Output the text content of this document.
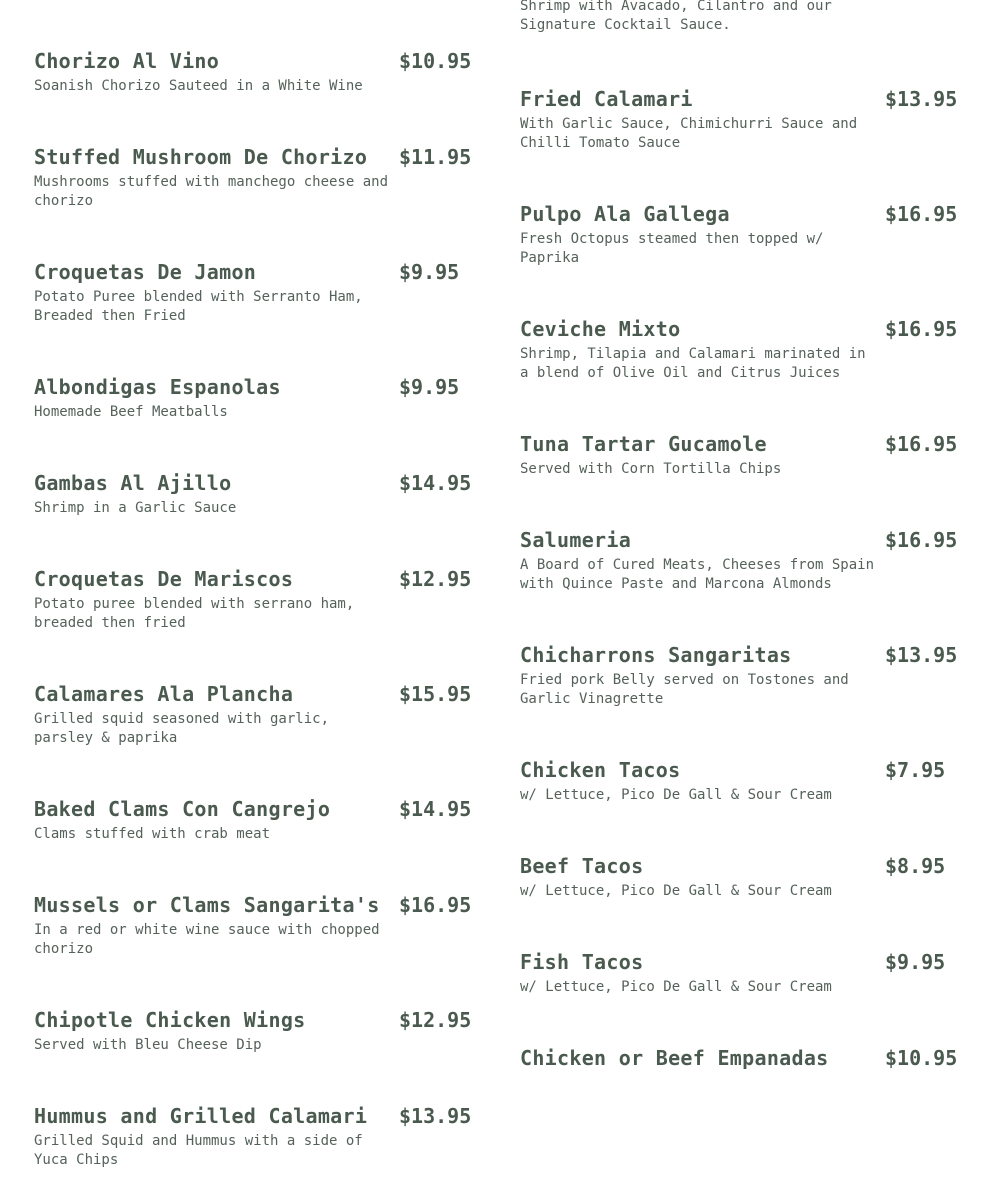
Chorizo Al Vino	$10.95
Soanish Chorizo Sauteed in a White Wine
Stuffed Mushroom De Chorizo $11.95
Mushrooms stuffed with manchego cheese and
chorizo
Croquetas De Jamon	$9.95
Potato Puree blended with Serranto Ham,
Breaded then Fried
Albondigas Espanolas	$9.95
Homemade Beef Meatballs
Gambas Al Ajillo	$14.95
Shrimp in a Garlic Sauce
Croquetas De Mariscos	$12.95
Potato puree blended with serrano ham,
breaded then fried
Calamares Ala Plancha	$15.95
Grilled squid seasoned with garlic,
parsley & paprika
Baked Clams Con Cangrejo	$14.95
Clams stuffed with crab meat
Mussels or Clams Sangarita's $16.95
In a red or white wine sauce with chopped
chorizo
Chipotle Chicken Wings	$12.95
Served with Bleu Cheese Dip
Hummus and Grilled Calamari $13.95
Grilled Squid and Hummus with a side of
Yuca Chips
Shrimp with Avacado, Cilantro and our
Signature Cocktail Sauce.
Fried Calamari	$13.95
With Garlic Sauce, Chimichurri Sauce and
Chilli Tomato Sauce
Pulpo Ala Gallega	$16.95
Fresh Octopus steamed then topped w/
Paprika
Ceviche Mixto	$16.95
Shrimp, Tilapia and Calamari marinated in
a blend of Olive Oil and Citrus Juices
Tuna Tartar Gucamole	$16.95
Served with Corn Tortilla Chips
Salumeria	$16.95
A Board of Cured Meats, Cheeses from Spain
with Quince Paste and Marcona Almonds
Chicharrons Sangaritas	$13.95
Fried pork Belly served on Tostones and
Garlic Vinagrette
Chicken Tacos	$7.95
w/ Lettuce, Pico De Gall & Sour Cream
Beef Tacos	$8.95
w/ Lettuce, Pico De Gall & Sour Cream
Fish Tacos	$9.95
w/ Lettuce, Pico De Gall & Sour Cream
Chicken or Beef Empanadas	$10.95
